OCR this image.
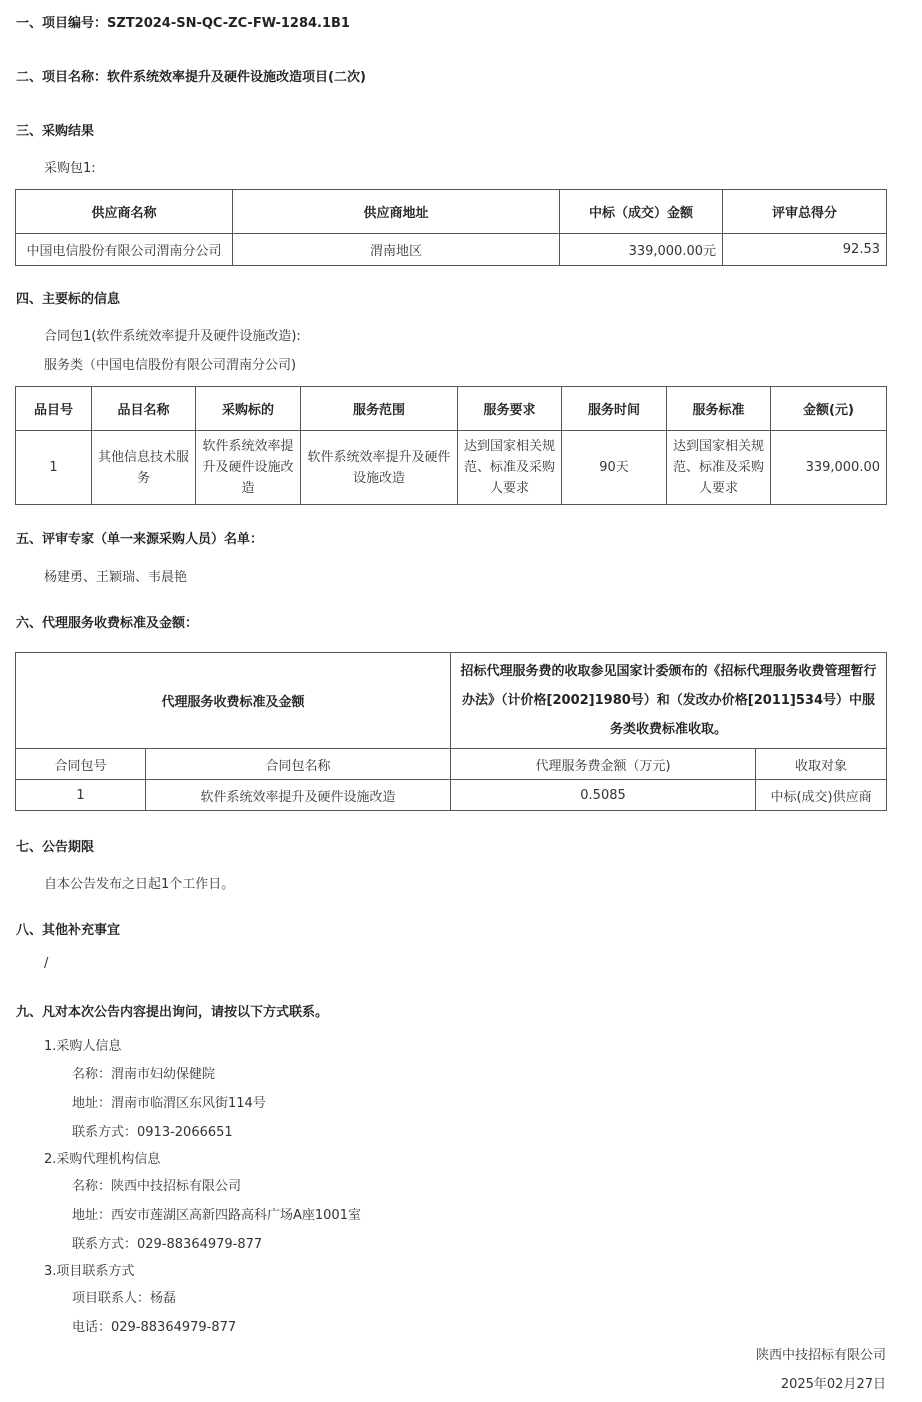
一、项目编号：SZT2024-SN-QC-ZC-FW-1284.1B1
二、项目名称：软件系统效率提升及硬件设施改造项目(二次)
三、采购结果
采购包1:
供应商名称	供应商地址	中标（成交）金额	评审总得分
中国电信股份有限公司渭南分公司	渭南地区	339,000.00元	92.53
四、主要标的信息
合同包1(软件系统效率提升及硬件设施改造):
服务类（中国电信股份有限公司渭南分公司)
品目号	品目名称	采购标的	服务范围	服务要求	服务时间	服务标准	金额(元)
1	其他信息技术服务	软件系统效率提升及硬件设施改造	软件系统效率提升及硬件设施改造	达到国家相关规范、标准及采购人要求	90天	达到国家相关规范、标准及采购人要求	339,000.00
五、评审专家（单一来源采购人员）名单：
杨建勇、王颖瑞、韦晨艳
六、代理服务收费标准及金额：
代理服务收费标准及金额		招标代理服务费的收取参见国家计委颁布的《招标代理服务收费管理暂行办法》（计价格[2002]1980号）和（发改办价格[2011]534号）中服务类收费标准收取。	
合同包号	合同包名称	代理服务费金额（万元)	收取对象
1	软件系统效率提升及硬件设施改造	0.5085	中标(成交)供应商
七、公告期限
自本公告发布之日起1个工作日。
八、其他补充事宜
/
九、凡对本次公告内容提出询问，请按以下方式联系。
1.采购人信息
名称：渭南市妇幼保健院
地址：渭南市临渭区东风街114号
联系方式：0913-2066651
2.采购代理机构信息
名称：陕西中技招标有限公司
地址：西安市莲湖区高新四路高科广场A座1001室
联系方式：029-88364979-877
3.项目联系方式
项目联系人：杨磊
电话：029-88364979-877
陕西中技招标有限公司
2025年02月27日
